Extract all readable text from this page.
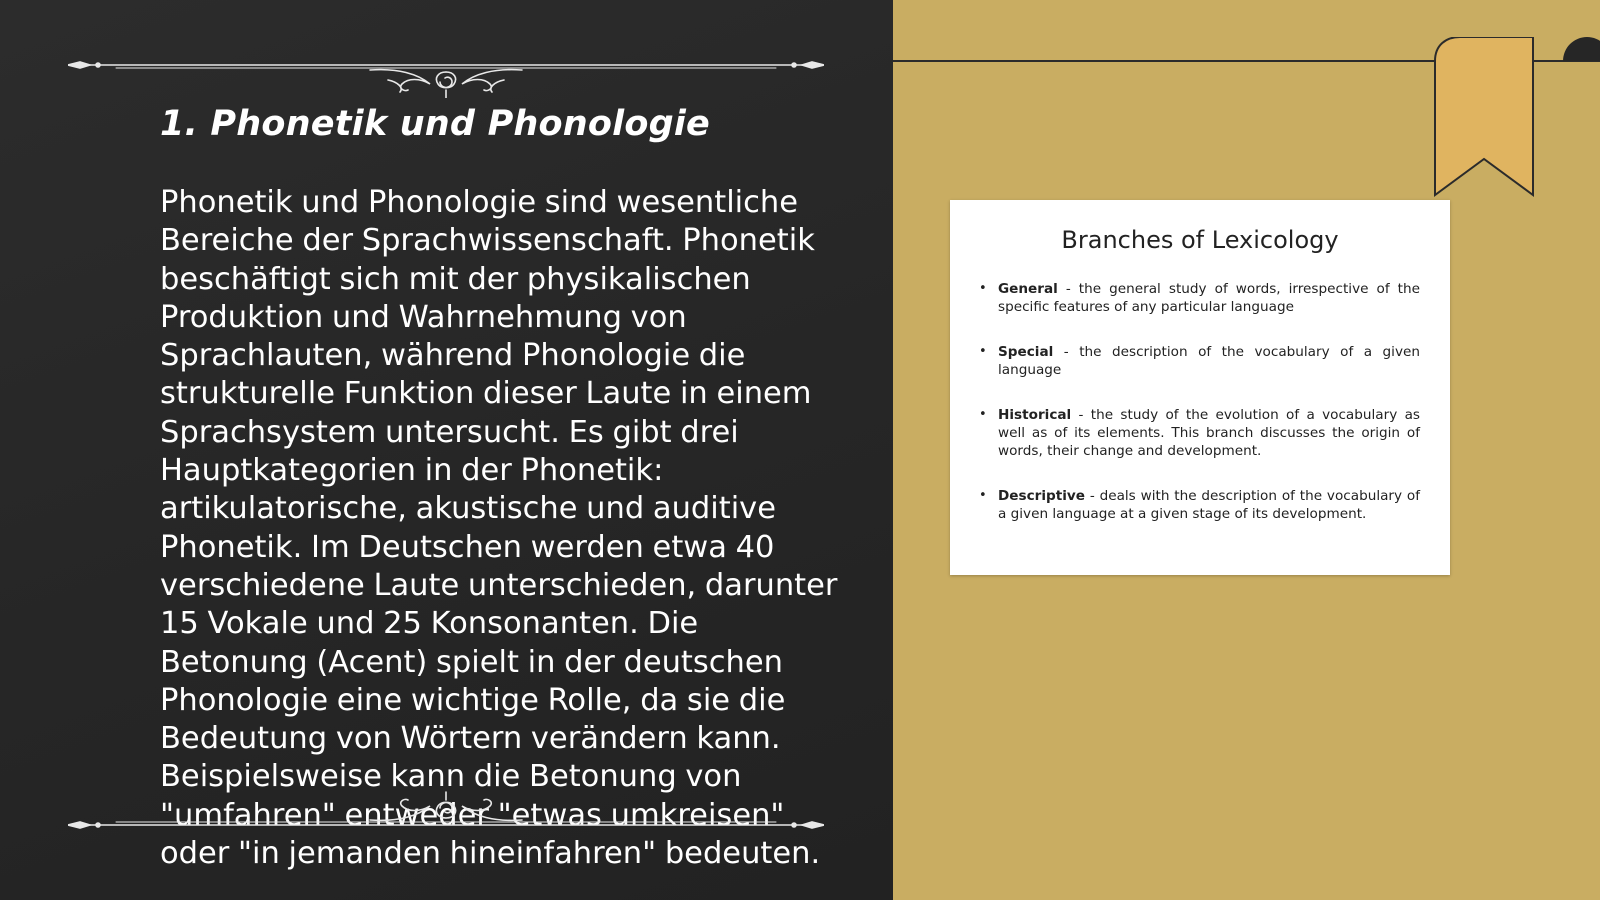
1. Phonetik und Phonologie

Phonetik und Phonologie sind wesentliche Bereiche der Sprachwissenschaft. Phonetik beschäftigt sich mit der physikalischen Produktion und Wahrnehmung von Sprachlauten, während Phonologie die strukturelle Funktion dieser Laute in einem Sprachsystem untersucht. Es gibt drei Hauptkategorien in der Phonetik: artikulatorische, akustische und auditive Phonetik. Im Deutschen werden etwa 40 verschiedene Laute unterschieden, darunter 15 Vokale und 25 Konsonanten. Die Betonung (Acent) spielt in der deutschen Phonologie eine wichtige Rolle, da sie die Bedeutung von Wörtern verändern kann. Beispielsweise kann die Betonung von "umfahren" entweder "etwas umkreisen" oder "in jemanden hineinfahren" bedeuten.

Branches of Lexicology
• General - the general study of words, irrespective of the specific features of any particular language
• Special - the description of the vocabulary of a given language
• Historical - the study of the evolution of a vocabulary as well as of its elements. This branch discusses the origin of words, their change and development.
• Descriptive - deals with the description of the vocabulary of a given language at a given stage of its development.
